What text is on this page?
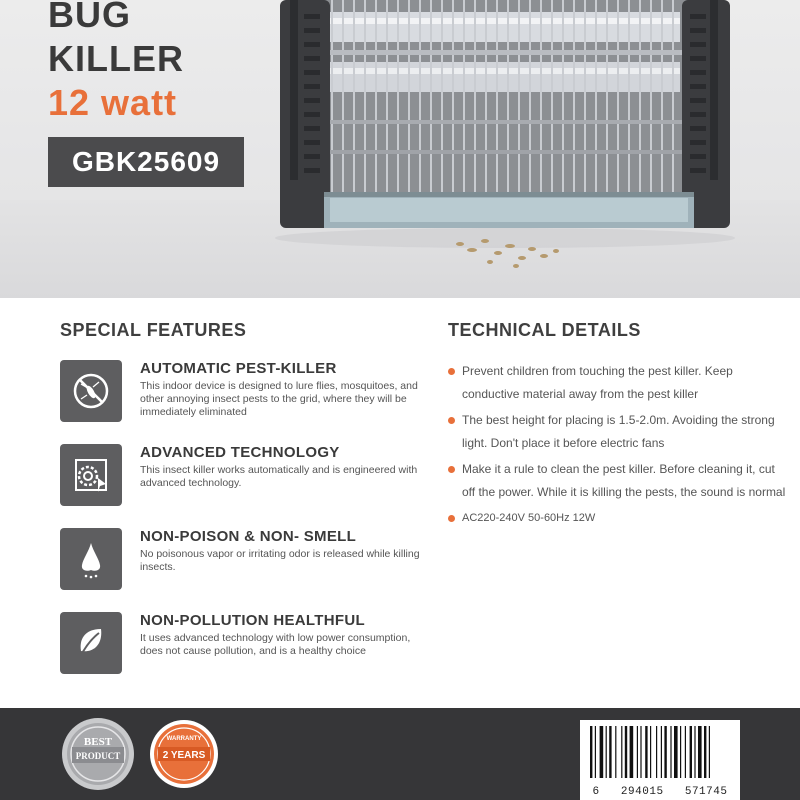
BUG
KILLER
12 watt
GBK25609
SPECIAL FEATURES
AUTOMATIC PEST-KILLER

This indoor device is designed to lure flies, mosquitoes, and other annoying insect pests to the grid, where they will be immediately eliminated

ADVANCED TECHNOLOGY

This insect killer works automatically and is engineered with advanced technology.

NON-POISON & NON- SMELL

No poisonous vapor or irritating odor is released while killing insects.

NON-POLLUTION HEALTHFUL

It uses advanced technology with low power consumption, does not cause pollution, and is a healthy choice

TECHNICAL DETAILS
Prevent children from touching the pest killer. Keep conductive material away from the pest killer
The best height for placing is 1.5-2.0m. Avoiding the strong light. Don't place it before electric fans
Make it a rule to clean the pest killer. Before cleaning it, cut off the power. While it is killing the pests, the sound is normal
AC220-240V 50-60Hz 12W
BEST
PRODUCT
WARRANTY
2 YEARS

6   294015   571745
